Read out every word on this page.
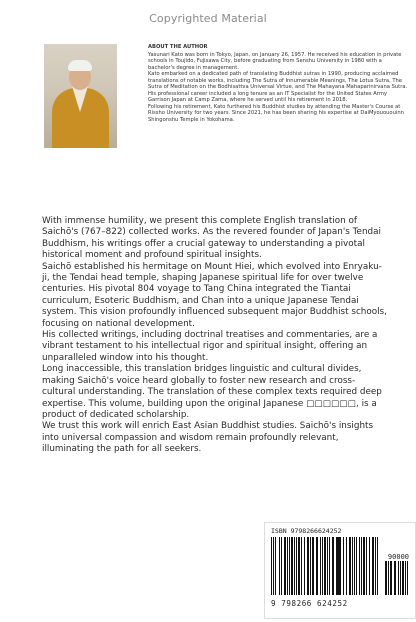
Copyrighted Material
ABOUT THE AUTHOR

Yasunari Kato was born in Tokyo, Japan, on January 26, 1957. He received his education in private schools in Toujido, Fujisawa City, before graduating from Senshu University in 1980 with a bachelor's degree in management.

Kato embarked on a dedicated path of translating Buddhist sutras in 1990, producing acclaimed translations of notable works, including The Sutra of Innumerable Meanings, The Lotus Sutra, The Sutra of Meditation on the Bodhisattva Universal Virtue, and The Mahayana Mahaparinirvana Sutra.

His professional career included a long tenure as an IT Specialist for the United States Army Garrison Japan at Camp Zama, where he served until his retirement in 2018.

Following his retirement, Kato furthered his Buddhist studies by attending the Master's Course at Rissho University for two years. Since 2021, he has been sharing his expertise at DaiMyouououinn Shingonshu Temple in Yokohama.

With immense humility, we present this complete English translation of Saichō's (767–822) collected works. As the revered founder of Japan's Tendai Buddhism, his writings offer a crucial gateway to understanding a pivotal historical moment and profound spiritual insights.

Saichō established his hermitage on Mount Hiei, which evolved into Enryaku-ji, the Tendai head temple, shaping Japanese spiritual life for over twelve centuries. His pivotal 804 voyage to Tang China integrated the Tiantai curriculum, Esoteric Buddhism, and Chan into a unique Japanese Tendai system. This vision profoundly influenced subsequent major Buddhist schools, focusing on national development.

His collected writings, including doctrinal treatises and commentaries, are a vibrant testament to his intellectual rigor and spiritual insight, offering an unparalleled window into his thought.

Long inaccessible, this translation bridges linguistic and cultural divides, making Saichō's voice heard globally to foster new research and cross-cultural understanding. The translation of these complex texts required deep expertise. This volume, building upon the original Japanese □□□□□□, is a product of dedicated scholarship.

We trust this work will enrich East Asian Buddhist studies. Saichō's insights into universal compassion and wisdom remain profoundly relevant, illuminating the path for all seekers.

ISBN 9798266624252
90000
9 798266 624252
